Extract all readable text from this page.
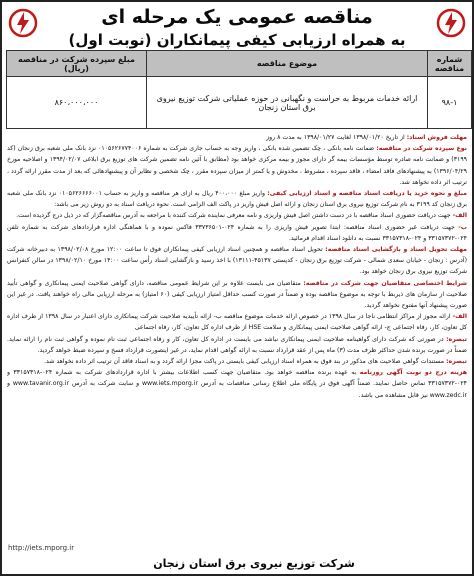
مناقصه عمومی یک مرحله ای
به همراه ارزیابی کیفی پیمانکاران (نوبت اول)
شماره مناقصه	موضوع مناقصه	مبلغ سپرده شرکت در مناقصه (ریال)
۹۸-۱	ارائه خدمات مربوط به حراست و نگهبانی در حوزه عملیاتی شرکت توزیع نیروی برق استان زنجان	۸۶۰،۰۰۰،۰۰۰

مهلت فروش اسناد: از تاریخ ۱۳۹۸/۰۱/۲۰ لغایت ۱۳۹۸/۰۱/۲۷ به مدت ۸ روز

نوع سپرده شرکت در مناقصه: ضمانت نامه بانکی ، چک تضمین شده بانکی ، واریز وجه به حساب جاری شرکت به شماره ۰۱۰۵۶۲۶۷۷۴۰۰۶ نزد بانک ملی شعبه برق زنجان (کد ۳۱۹۹) و ضمانت نامه صادره توسط مؤسسات بیمه گر دارای مجوز و بیمه مرکزی خواهد بود (مطابق با آئین نامه تضمین شرکت های توزیع برق ابلاغی ۱۳۹۴/۰۲/۰۷ و اصلاحیه مورخ ۱۳۹۶/۰۴/۲۹) به پیشنهادهای فاقد امضاء ، فاقد سپرده ، مشروط ، مخدوش و یا کمتر از میزان سپرده مقرر ، چک شخصی و نظایر آن و پیشنهادهائی که بعد از مدت مقرر ارائه گردد ، ترتیب اثر داده نخواهد شد.

مبلغ و نحوه خرید یا دریافت اسناد مناقصه و اسناد ارزیابی کیفی: واریز مبلغ ۴۰۰،۰۰۰ ریال به ازای هر مناقصه و واریز به حساب ۰۱۰۵۶۲۶۶۶۶۰۰۱ نزد بانک ملی شعبه برق زنجان کد ۳۱۹۹ به نام شرکت توزیع نیروی برق استان زنجان و ارائه اصل فیش واریز در پاکت الف الزامی است. نحوه دریافت اسناد به دو روش زیر می باشد:

الف- جهت دریافت حضوری اسناد مناقصه با در دست داشتن اصل فیش واریزی و نامه معرفی نماینده شرکت کننده با مراجعه به آدرس مناقصه‌گزار که در ذیل درج گردیده است.

ب- جهت دریافت غیر حضوری اسناد مناقصه: ابتدا تصویر فیش واریزی را به شماره ۰۲۴-۳۳۷۳۶۵۰۱ فاکس نموده و با هماهنگی اداره قراردادهای شرکت به شماره تلفن ۰۲۴-۳۳۱۵۷۳۷۲ و ۰۲۴-۳۳۱۵۷۳۱۸ نسبت به دانلود اسناد اقدام فرمائید.

مهلت تحویل اسناد و بازگشایی اسناد مناقصه: تحویل اسناد مناقصه و همچنین اسناد ارزیابی کیفی پیمانکاران فوق تا ساعت ۱۲:۰۰ مورخ ۱۳۹۸/۰۲/۰۸ به دبیرخانه شرکت (آدرس : زنجان - خیابان سعدی شمالی - شرکت توزیع برق زنجان - کدپستی ۴۵۱۳۷-۱۳۱۱۱) با اخذ رسید و بازگشایی اسناد رأس ساعت ۱۴:۰۰ مورخ ۱۳۹۸/۰۲/۱۰ در سالن کنفرانس شرکت توزیع نیروی برق زنجان خواهد بود.

شرایط اختصاصی متقاضیان جهت شرکت در مناقصه: متقاضیان می بایست علاوه بر این شرایط عمومی مناقصه، دارای گواهی صلاحیت ایمنی پیمانکاری و گواهی تأیید صلاحیت از سازمان های ذیربط با توجه به موضوع مناقصه بوده و ضمناً در صورت کسب حداقل امتیاز ارزیابی کیفی (۶۰ امتیاز) به مرحله ارزیابی مالی راه خواهند یافت. در غیر این صورت پیشنهاد آنها مفتوح نخواهد گردید.

الف- ارائه مجوز از مراکز انتظامی ناجا در سال ۱۳۹۸ در خصوص ارائه خدمات موضوع مناقصه ب- ارائه تأییدیه صلاحیت شرکت پیمانکاری دارای اعتبار در سال ۱۳۹۸ از طرف اداره کل تعاون، کار، رفاه اجتماعی ج- ارائه گواهی صلاحیت ایمنی پیمانکاری و سلامت HSE از طرف اداره کل تعاون، کار، رفاه اجتماعی

تبصره: در صورتی که شرکت دارای گواهینامه صلاحیت ایمنی پیمانکاری نباشد می بایست در اداره کل تعاون، کار و رفاه اجتماعی ثبت نام نموده و گواهی ثبت نام را ارائه نماید. ضمناً در صورت برنده شدن حداکثر ظرف مدت (۳) ماه پس از عقد قرارداد نسبت به ارائه گواهی اقدام نماید، در غیر اینصورت قرارداد فسخ و سپرده ضبط خواهد گردید.

تبصره: مستندات گواهی صلاحیت های مذکور در بند فوق به همراه اسناد ارزیابی کیفی بایستی در پاکت مجزا ارائه گردد و به اسناد فاقد آن ترتیب اثر داده نخواهد شد.

هزینه درج دو نوبت آگهی روزنامه به عهده برنده مناقصه خواهد بود. متقاضیان جهت کسب اطلاعات بیشتر با اداره قراردادهای شرکت به شماره ۰۲۴-۳۳۱۵۷۳۱۸ و ۰۲۴-۳۳۱۵۷۳۷۲ تماس حاصل نمایند. ضمناً آگهی فوق در پایگاه ملی اطلاع رسانی مناقصات به آدرس www.iets.mporg.ir و سایت شرکت به آدرس www.tavanir.org.ir و www.zedc.ir نیز قابل مشاهده می باشد.

http://iets.mporg.ir
شرکت توزیع نیروی برق استان زنجان
